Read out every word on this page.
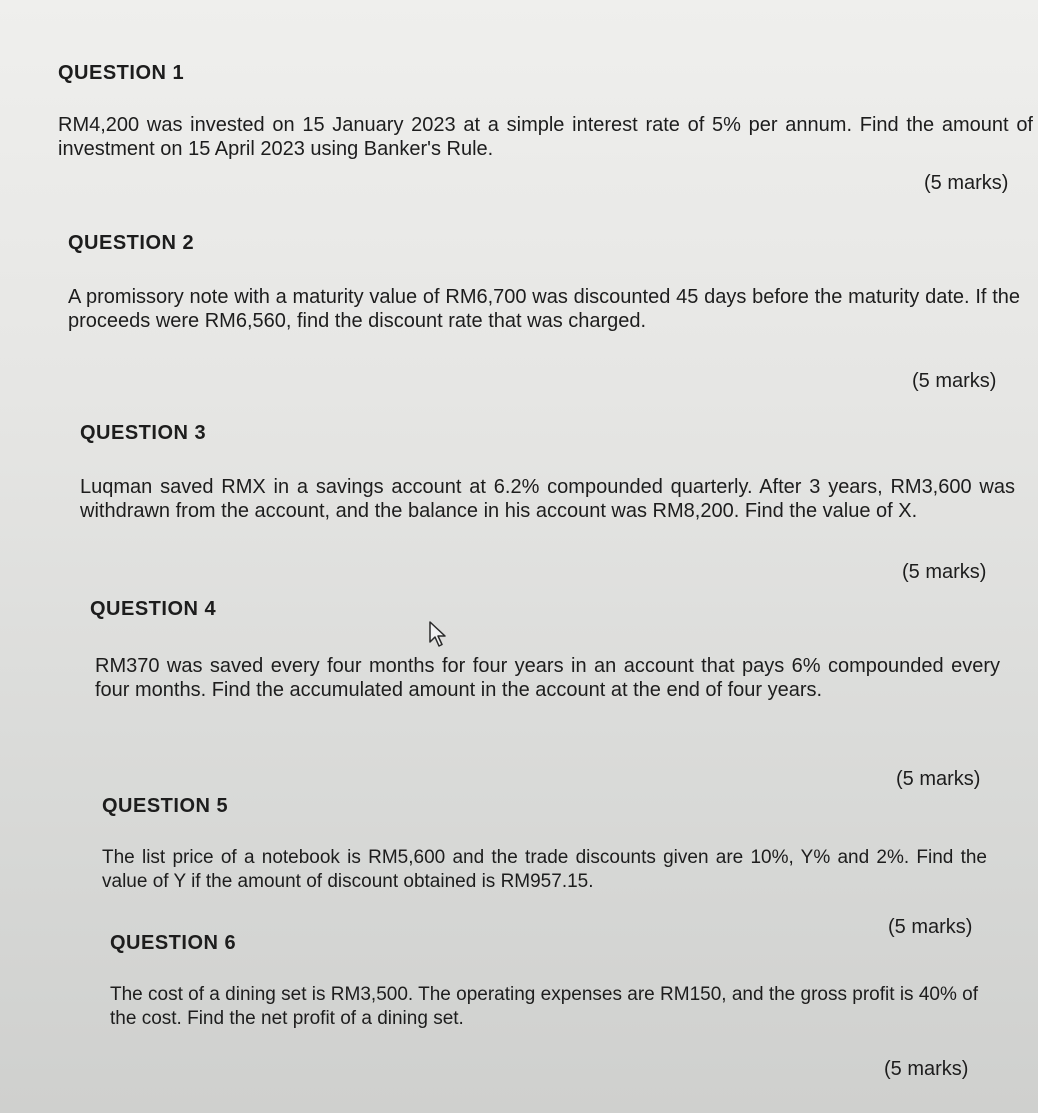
QUESTION 1

RM4,200 was invested on 15 January 2023 at a simple interest rate of 5% per annum. Find the amount of investment on 15 April 2023 using Banker's Rule.

(5 marks)

QUESTION 2

A promissory note with a maturity value of RM6,700 was discounted 45 days before the maturity date. If the proceeds were RM6,560, find the discount rate that was charged.

(5 marks)

QUESTION 3

Luqman saved RMX in a savings account at 6.2% compounded quarterly. After 3 years, RM3,600 was withdrawn from the account, and the balance in his account was RM8,200. Find the value of X.

(5 marks)

QUESTION 4

RM370 was saved every four months for four years in an account that pays 6% compounded every four months. Find the accumulated amount in the account at the end of four years.

(5 marks)

QUESTION 5

The list price of a notebook is RM5,600 and the trade discounts given are 10%, Y% and 2%. Find the value of Y if the amount of discount obtained is RM957.15.

(5 marks)

QUESTION 6

The cost of a dining set is RM3,500. The operating expenses are RM150, and the gross profit is 40% of the cost. Find the net profit of a dining set.

(5 marks)
